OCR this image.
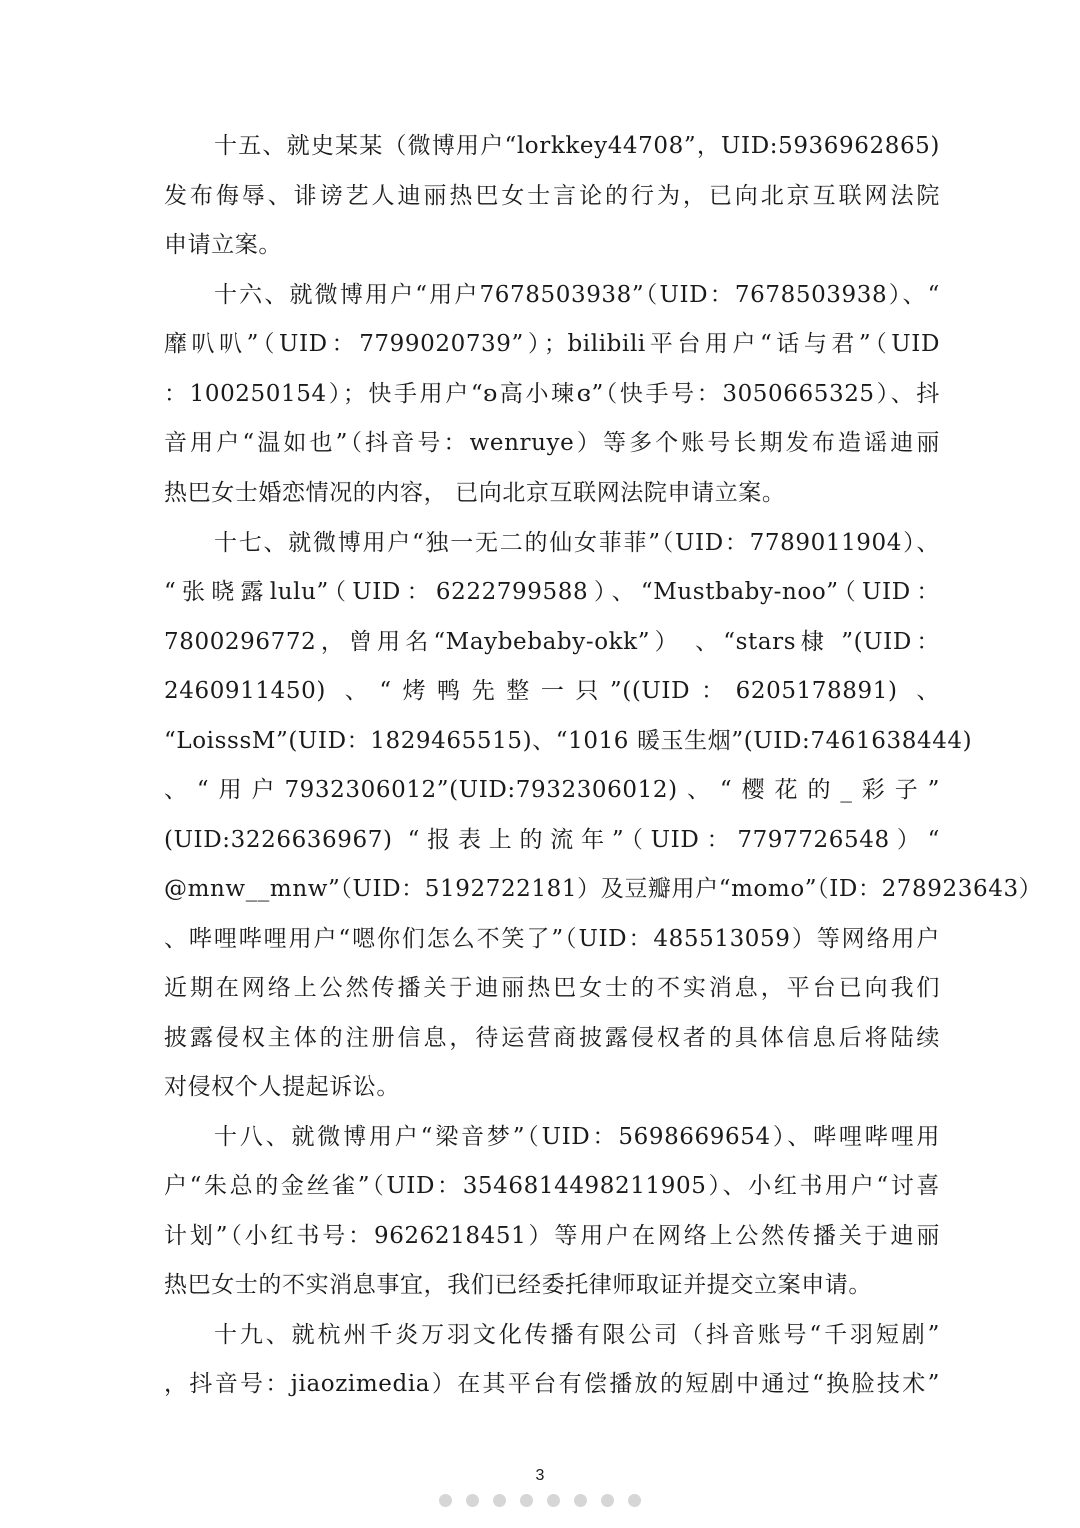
十五、就史某某（微博用户“lorkkey44708”，UID:5936962865)
发布侮辱、诽谤艺人迪丽热巴女士言论的行为，已向北京互联网法院
申请立案。
十六、就微博用户“用户7678503938”（UID：7678503938）、“
靡叭叭”（UID：7799020739”）；bilibili平台用户“话与君”（UID
：100250154）；快手用户“ʚ高小瑓ɞ”（快手号：3050665325）、抖
音用户“温如也”（抖音号：wenruye）等多个账号长期发布造谣迪丽
热巴女士婚恋情况的内容， 已向北京互联网法院申请立案。
十七、就微博用户“独一无二的仙女菲菲”（UID：7789011904）、
“张晓露lulu”（UID：6222799588）、“Mustbaby-noo”（UID：
7800296772，曾用名“Maybebaby-okk”） 、“stars棣 ”(UID：
2460911450) 、“烤鸭先整一只”((UID：6205178891) 、
“LoisssM”(UID：1829465515)、“1016 暖玉生烟”(UID:7461638444)
、“用户7932306012”(UID:7932306012)、“樱花的_彩子”
(UID:3226636967) “报表上的流年”（UID：7797726548）“
@mnw__mnw”（UID：5192722181）及豆瓣用户“momo”（ID：278923643）
、哔哩哔哩用户“嗯你们怎么不笑了”（UID：485513059）等网络用户
近期在网络上公然传播关于迪丽热巴女士的不实消息，平台已向我们
披露侵权主体的注册信息，待运营商披露侵权者的具体信息后将陆续
对侵权个人提起诉讼。
十八、就微博用户“梁音梦”（UID：5698669654）、哔哩哔哩用
户“朱总的金丝雀”（UID：3546814498211905）、小红书用户“讨喜
计划”（小红书号：9626218451）等用户在网络上公然传播关于迪丽
热巴女士的不实消息事宜，我们已经委托律师取证并提交立案申请。
十九、就杭州千炎万羽文化传播有限公司（抖音账号“千羽短剧”
，抖音号：jiaozimedia）在其平台有偿播放的短剧中通过“换脸技术”
3
